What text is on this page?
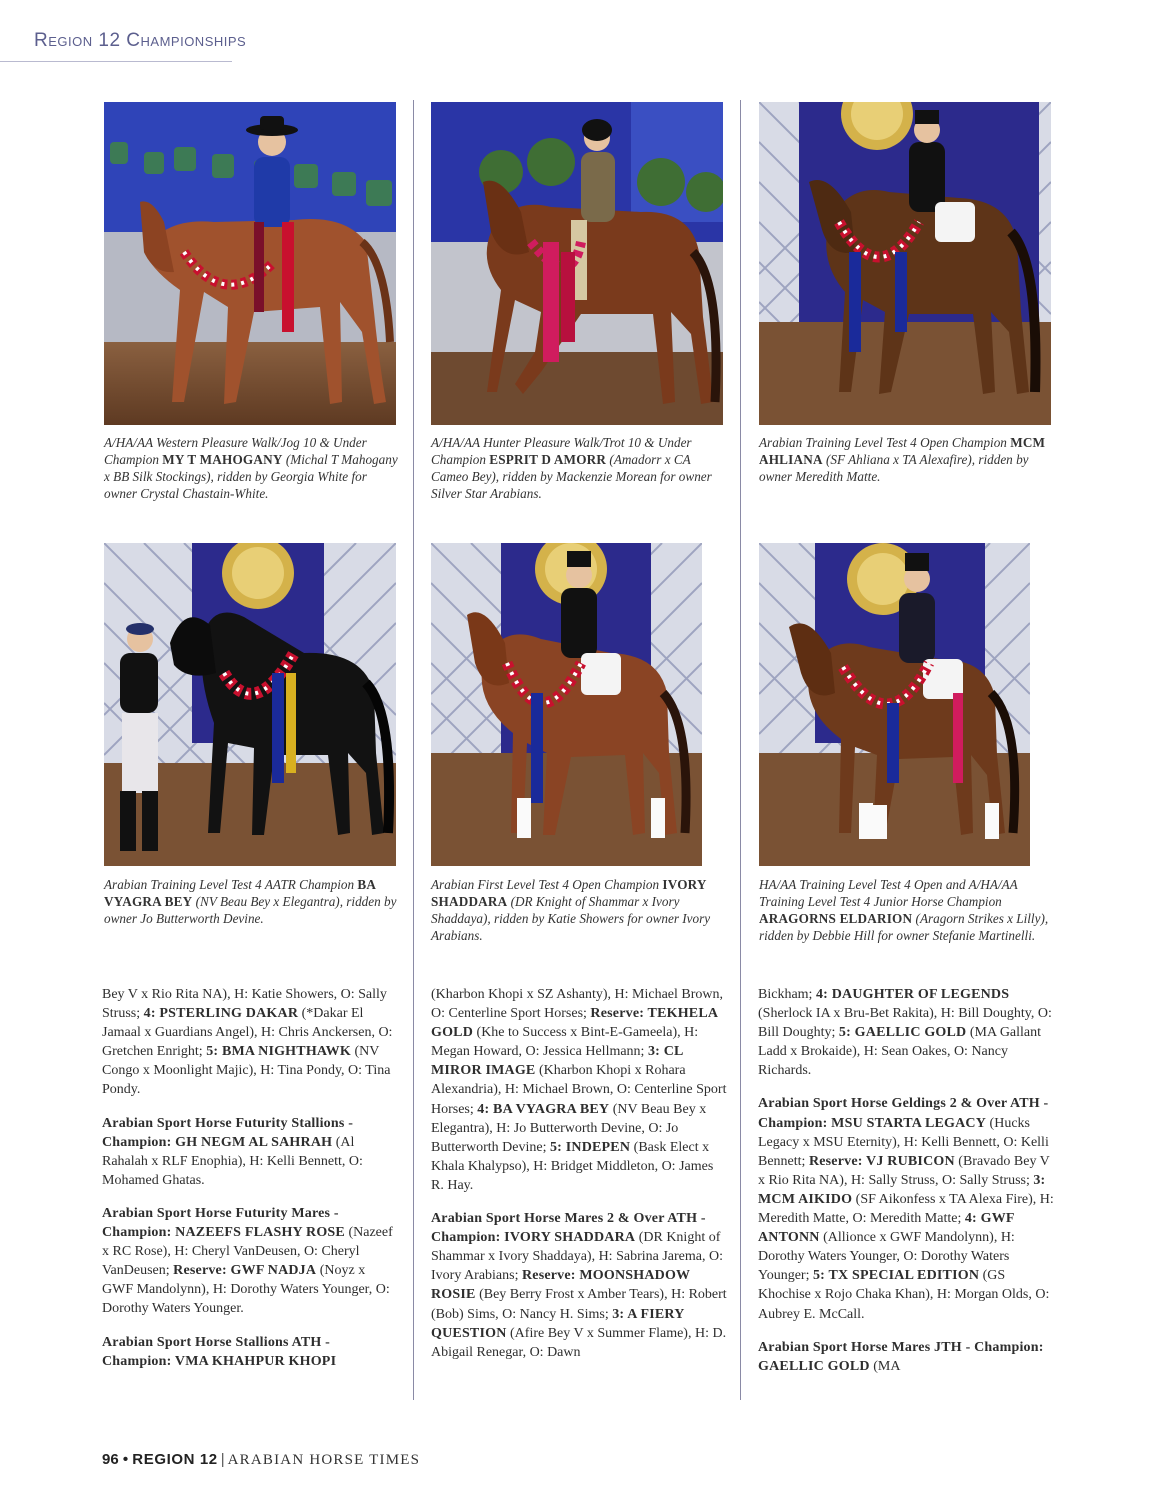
Region 12 Championships
A/HA/AA Western Pleasure Walk/Jog 10 & Under Champion MY T MAHOGANY (Michal T Mahogany x BB Silk Stockings), ridden by Georgia White for owner Crystal Chastain-White.
A/HA/AA Hunter Pleasure Walk/Trot 10 & Under Champion ESPRIT D AMORR (Amadorr x CA Cameo Bey), ridden by Mackenzie Morean for owner Silver Star Arabians.
Arabian Training Level Test 4 Open Champion MCM AHLIANA (SF Ahliana x TA Alexafire), ridden by owner Meredith Matte.
Arabian Training Level Test 4 AATR Champion BA VYAGRA BEY (NV Beau Bey x Elegantra), ridden by owner Jo Butterworth Devine.
Arabian First Level Test 4 Open Champion IVORY SHADDARA (DR Knight of Shammar x Ivory Shaddaya), ridden by Katie Showers for owner Ivory Arabians.
HA/AA Training Level Test 4 Open and A/HA/AA Training Level Test 4 Junior Horse Champion ARAGORNS ELDARION (Aragorn Strikes x Lilly), ridden by Debbie Hill for owner Stefanie Martinelli.

Bey V x Rio Rita NA), H: Katie Showers, O: Sally Struss; 4: PSTERLING DAKAR (*Dakar El Jamaal x Guardians Angel), H: Chris Anckersen, O: Gretchen Enright; 5: BMA NIGHTHAWK (NV Congo x Moonlight Majic), H: Tina Pondy, O: Tina Pondy.

Arabian Sport Horse Futurity Stallions - Champion: GH NEGM AL SAHRAH (Al Rahalah x RLF Enophia), H: Kelli Bennett, O: Mohamed Ghatas.

Arabian Sport Horse Futurity Mares - Champion: NAZEEFS FLASHY ROSE (Nazeef x RC Rose), H: Cheryl VanDeusen, O: Cheryl VanDeusen; Reserve: GWF NADJA (Noyz x GWF Mandolynn), H: Dorothy Waters Younger, O: Dorothy Waters Younger.

Arabian Sport Horse Stallions ATH - Champion: VMA KHAHPUR KHOPI

(Kharbon Khopi x SZ Ashanty), H: Michael Brown, O: Centerline Sport Horses; Reserve: TEKHELA GOLD (Khe to Success x Bint-E-Gameela), H: Megan Howard, O: Jessica Hellmann; 3: CL MIROR IMAGE (Kharbon Khopi x Rohara Alexandria), H: Michael Brown, O: Centerline Sport Horses; 4: BA VYAGRA BEY (NV Beau Bey x Elegantra), H: Jo Butterworth Devine, O: Jo Butterworth Devine; 5: INDEPEN (Bask Elect x Khala Khalypso), H: Bridget Middleton, O: James R. Hay.

Arabian Sport Horse Mares 2 & Over ATH - Champion: IVORY SHADDARA (DR Knight of Shammar x Ivory Shaddaya), H: Sabrina Jarema, O: Ivory Arabians; Reserve: MOONSHADOW ROSIE (Bey Berry Frost x Amber Tears), H: Robert (Bob) Sims, O: Nancy H. Sims; 3: A FIERY QUESTION (Afire Bey V x Summer Flame), H: D. Abigail Renegar, O: Dawn

Bickham; 4: DAUGHTER OF LEGENDS (Sherlock IA x Bru-Bet Rakita), H: Bill Doughty, O: Bill Doughty; 5: GAELLIC GOLD (MA Gallant Ladd x Brokaide), H: Sean Oakes, O: Nancy Richards.

Arabian Sport Horse Geldings 2 & Over ATH - Champion: MSU STARTA LEGACY (Hucks Legacy x MSU Eternity), H: Kelli Bennett, O: Kelli Bennett; Reserve: VJ RUBICON (Bravado Bey V x Rio Rita NA), H: Sally Struss, O: Sally Struss; 3: MCM AIKIDO (SF Aikonfess x TA Alexa Fire), H: Meredith Matte, O: Meredith Matte; 4: GWF ANTONN (Allionce x GWF Mandolynn), H: Dorothy Waters Younger, O: Dorothy Waters Younger; 5: TX SPECIAL EDITION (GS Khochise x Rojo Chaka Khan), H: Morgan Olds, O: Aubrey E. McCall.

Arabian Sport Horse Mares JTH - Champion: GAELLIC GOLD (MA

96 • REGION 12 | ARABIAN HORSE TIMES
